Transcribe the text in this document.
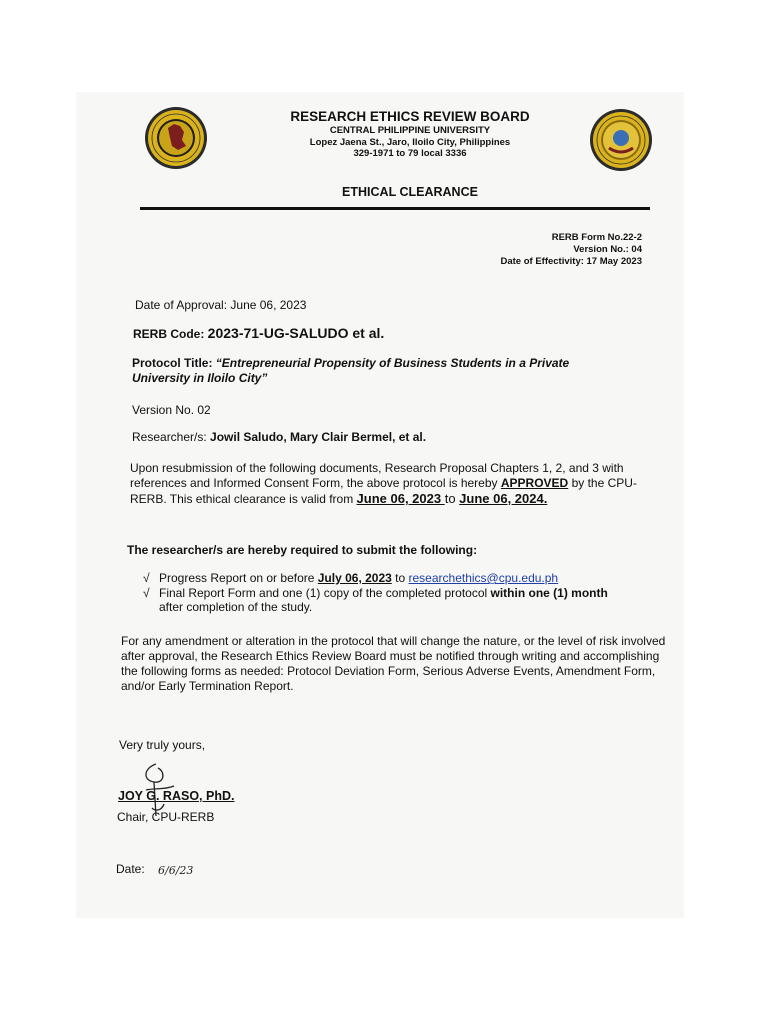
RESEARCH ETHICS REVIEW BOARD
CENTRAL PHILIPPINE UNIVERSITY
Lopez Jaena St., Jaro, Iloilo City, Philippines
329-1971 to 79 local 3336
ETHICAL CLEARANCE
RERB Form No.22-2
Version No.: 04
Date of Effectivity: 17 May 2023
Date of Approval: June 06, 2023
RERB Code: 2023-71-UG-SALUDO et al.
Protocol Title: “Entrepreneurial Propensity of Business Students in a Private University in Iloilo City”
Version No. 02
Researcher/s: Jowil Saludo, Mary Clair Bermel, et al.
Upon resubmission of the following documents, Research Proposal Chapters 1, 2, and 3 with references and Informed Consent Form, the above protocol is hereby APPROVED by the CPU-RERB. This ethical clearance is valid from June 06, 2023 to June 06, 2024.
The researcher/s are hereby required to submit the following:
√ Progress Report on or before July 06, 2023 to researchethics@cpu.edu.ph
√ Final Report Form and one (1) copy of the completed protocol within one (1) month
after completion of the study.
For any amendment or alteration in the protocol that will change the nature, or the level of risk involved after approval, the Research Ethics Review Board must be notified through writing and accomplishing the following forms as needed: Protocol Deviation Form, Serious Adverse Events, Amendment Form, and/or Early Termination Report.
Very truly yours,
JOY G. RASO, PhD.
Chair, CPU-RERB
Date: 6/6/23
